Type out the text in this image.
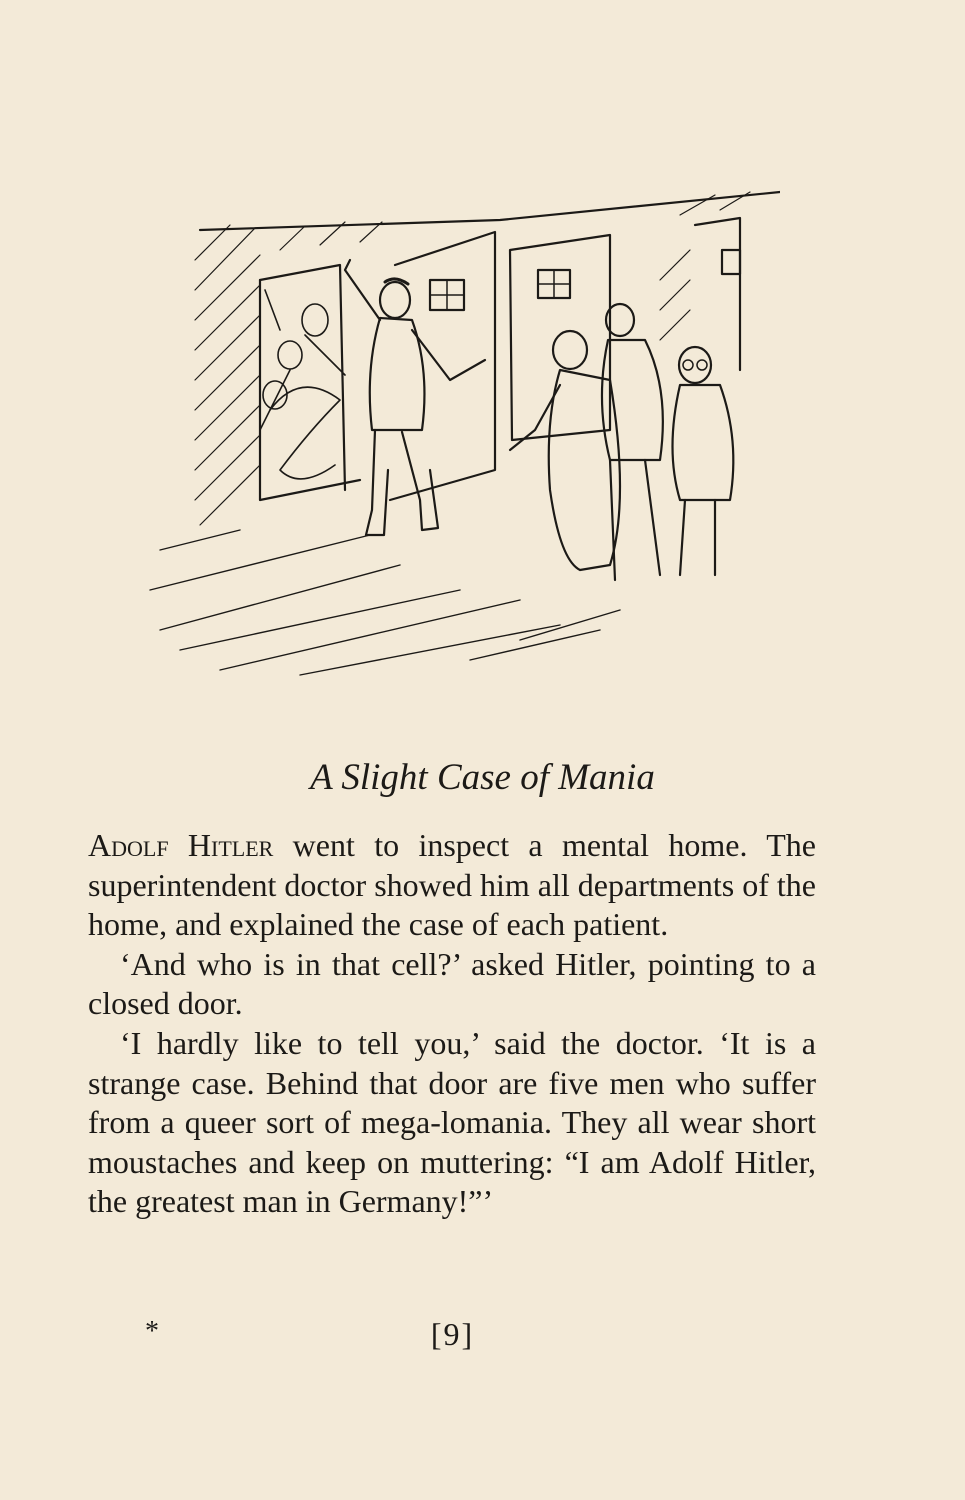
A Slight Case of Mania

Adolf Hitler went to inspect a mental home. The superintendent doctor showed him all departments of the home, and explained the case of each patient.

‘And who is in that cell?’ asked Hitler, pointing to a closed door.

‘I hardly like to tell you,’ said the doctor. ‘It is a strange case. Behind that door are five men who suffer from a queer sort of mega-lomania. They all wear short moustaches and keep on muttering: “I am Adolf Hitler, the greatest man in Germany!”’

*	[9]
